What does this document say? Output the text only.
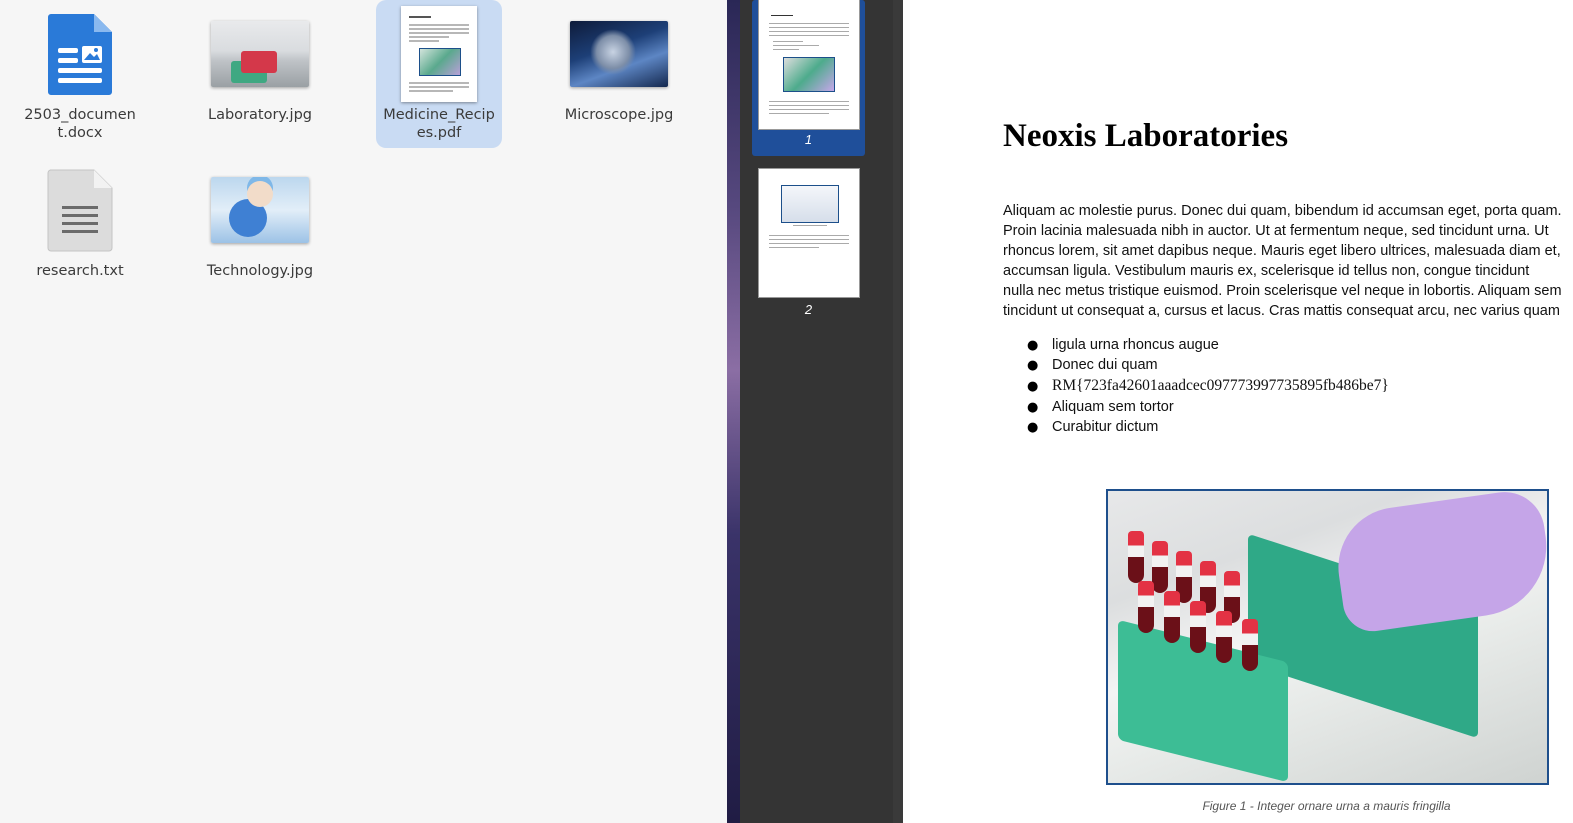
2503_document.docx
Laboratory.jpg	Medicine_Recipes.pdf
Microscope.jpg
research.txt	Technology.jpg
1
2
Neoxis Laboratories
Aliquam ac molestie purus. Donec dui quam, bibendum id accumsan eget, porta quam.
Proin lacinia malesuada nibh in auctor. Ut at fermentum neque, sed tincidunt urna. Ut
rhoncus lorem, sit amet dapibus neque. Mauris eget libero ultrices, malesuada diam et,
accumsan ligula. Vestibulum mauris ex, scelerisque id tellus non, congue tincidunt
nulla nec metus tristique euismod. Proin scelerisque vel neque in lobortis. Aliquam sem
tincidunt ut consequat a, cursus et lacus. Cras mattis consequat arcu, nec varius quam
● ligula urna rhoncus augue
● Donec dui quam
● RM{723fa42601aaadcec097773997735895fb486be7}
● Aliquam sem tortor
● Curabitur dictum
Figure 1 - Integer ornare urna a mauris fringilla
